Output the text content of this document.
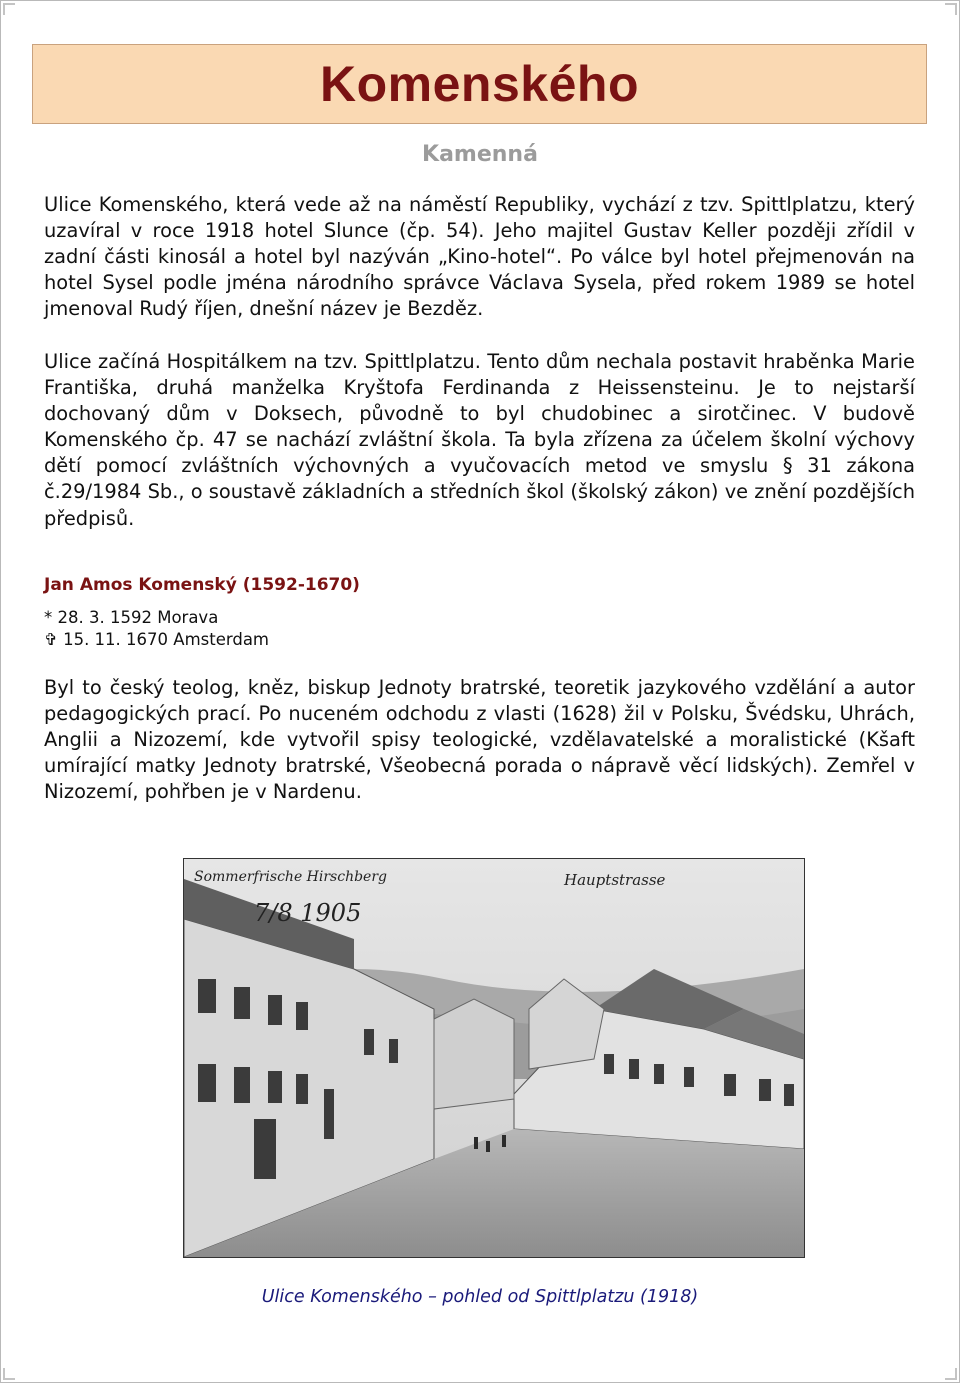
Komenského
Kamenná

Ulice Komenského, která vede až na náměstí Republiky, vychází z tzv. Spittlplatzu, který uzavíral v roce 1918 hotel Slunce (čp. 54). Jeho majitel Gustav Keller později zřídil v zadní části kinosál a hotel byl nazýván „Kino-hotel“. Po válce byl hotel přejmenován na hotel Sysel podle jména národního správce Václava Sysela, před rokem 1989 se hotel jmenoval Rudý říjen, dnešní název je Bezděz.

Ulice začíná Hospitálkem na tzv. Spittlplatzu. Tento dům nechala postavit hraběnka Marie Františka, druhá manželka Kryštofa Ferdinanda z Heissensteinu. Je to nejstarší dochovaný dům v Doksech, původně to byl chudobinec a sirotčinec. V budově Komenského čp. 47 se nachází zvláštní škola. Ta byla zřízena za účelem školní výchovy dětí pomocí zvláštních výchovných a vyučovacích metod ve smyslu § 31 zákona č.29/1984 Sb., o soustavě základních a středních škol (školský zákon) ve znění pozdějších předpisů.

Jan Amos Komenský (1592-1670)
* 28. 3. 1592 Morava
✞ 15. 11. 1670 Amsterdam

Byl to český teolog, kněz, biskup Jednoty bratrské, teoretik jazykového vzdělání a autor pedagogických prací. Po nuceném odchodu z vlasti (1628) žil v Polsku, Švédsku, Uhrách, Anglii a Nizozemí, kde vytvořil spisy teologické, vzdělavatelské a moralistické (Kšaft umírající matky Jednoty bratrské, Všeobecná porada o nápravě věcí lidských). Zemřel v Nizozemí, pohřben je v Nardenu.

Sommerfrische Hirschberg	Hauptstrasse
7/8 1905
Ulice Komenského – pohled od Spittlplatzu (1918)
